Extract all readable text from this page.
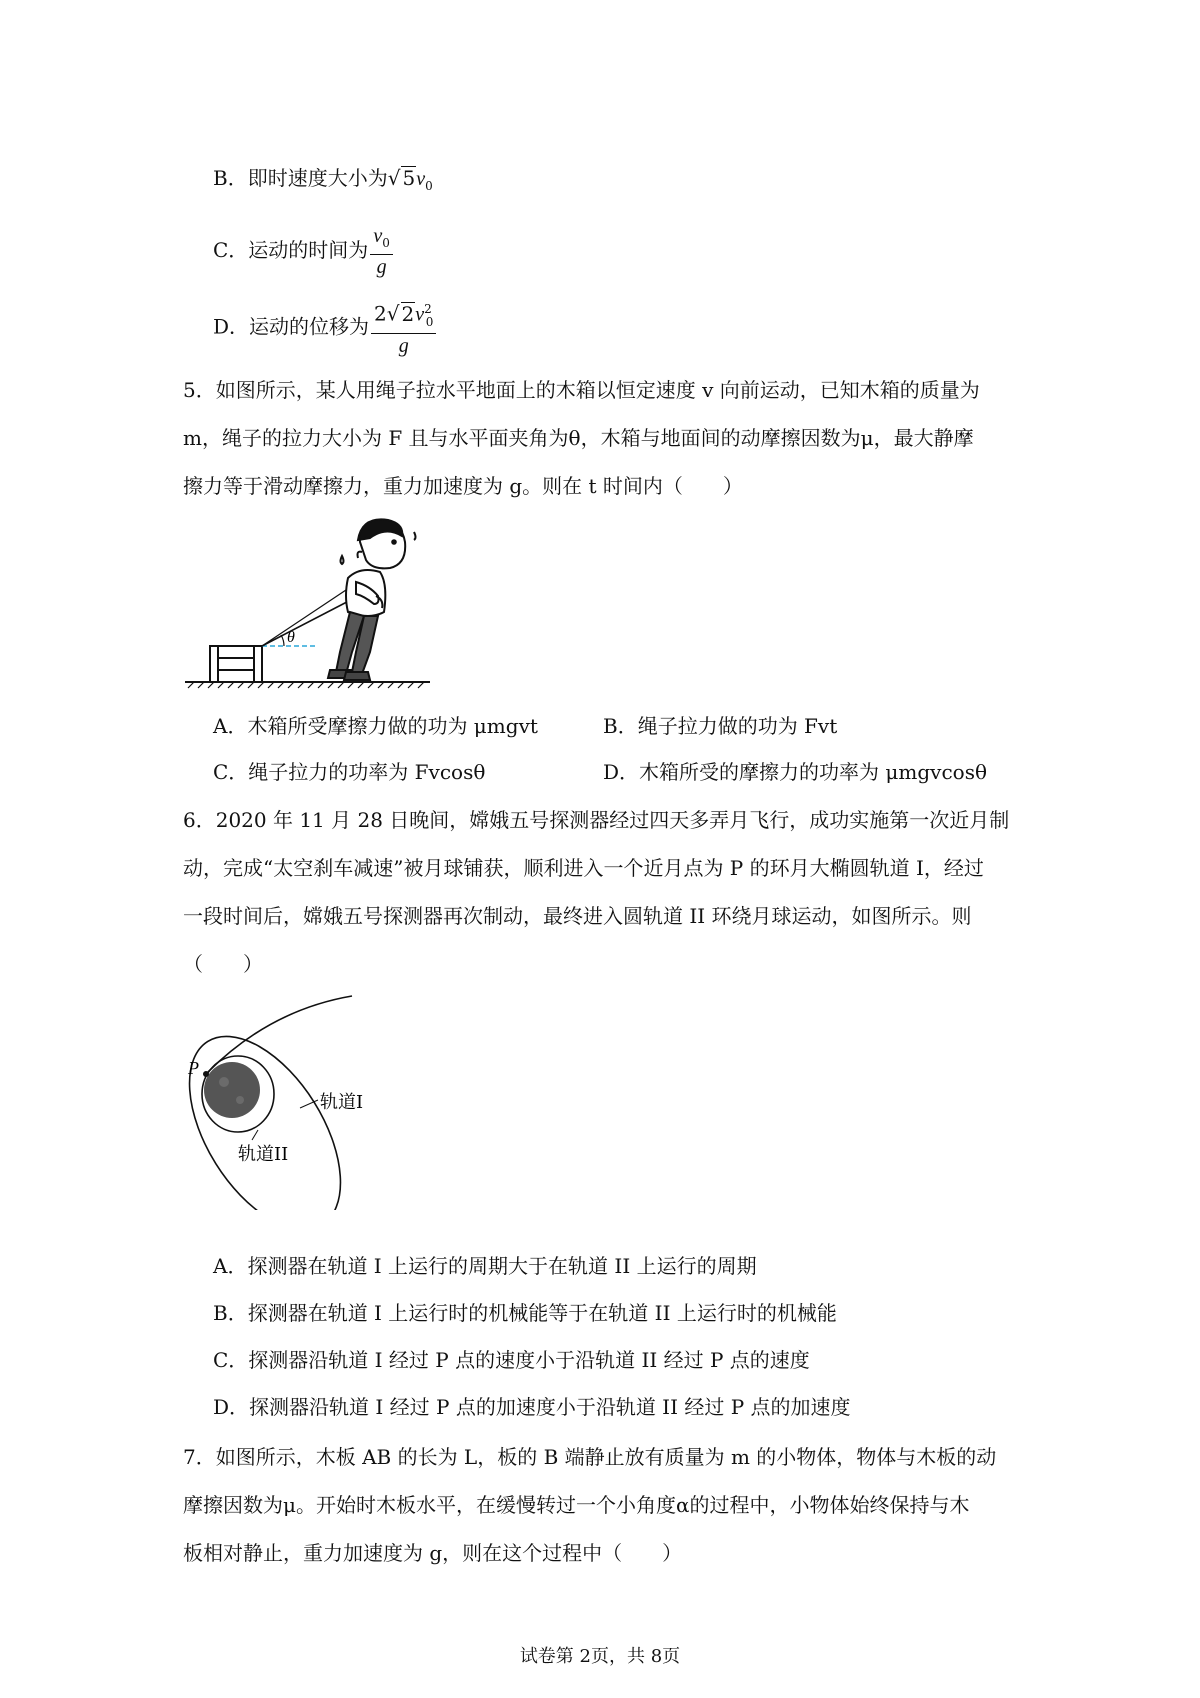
B．即时速度大小为√ $5v_0$
C．运动的时间为 $\frac{v_0}{g}$
D．运动的位移为 $\frac{2√ 2v^2_0}{g}$
5．如图所示，某人用绳子拉水平地面上的木箱以恒定速度 v 向前运动，已知木箱的质量为
m，绳子的拉力大小为 F 且与水平面夹角为θ，木箱与地面间的动摩擦因数为μ，最大静摩
擦力等于滑动摩擦力，重力加速度为 g。则在 t 时间内（　　）
θ
A．木箱所受摩擦力做的功为 μmgvt	B．绳子拉力做的功为 Fvt
C．绳子拉力的功率为 Fvcosθ	D．木箱所受的摩擦力的功率为 μmgvcosθ
6．2020 年 11 月 28 日晚间，嫦娥五号探测器经过四天多弄月飞行，成功实施第一次近月制
动，完成“太空刹车减速”被月球铺获，顺利进入一个近月点为 P 的环月大椭圆轨道 I，经过
一段时间后，嫦娥五号探测器再次制动，最终进入圆轨道 II 环绕月球运动，如图所示。则
（　　）
P
轨道I
轨道II
A．探测器在轨道 I 上运行的周期大于在轨道 II 上运行的周期
B．探测器在轨道 I 上运行时的机械能等于在轨道 II 上运行时的机械能
C．探测器沿轨道 I 经过 P 点的速度小于沿轨道 II 经过 P 点的速度
D．探测器沿轨道 I 经过 P 点的加速度小于沿轨道 II 经过 P 点的加速度
7．如图所示，木板 AB 的长为 L，板的 B 端静止放有质量为 m 的小物体，物体与木板的动
摩擦因数为μ。开始时木板水平，在缓慢转过一个小角度α的过程中，小物体始终保持与木
板相对静止，重力加速度为 g，则在这个过程中（　　）
试卷第 2页，共 8页
